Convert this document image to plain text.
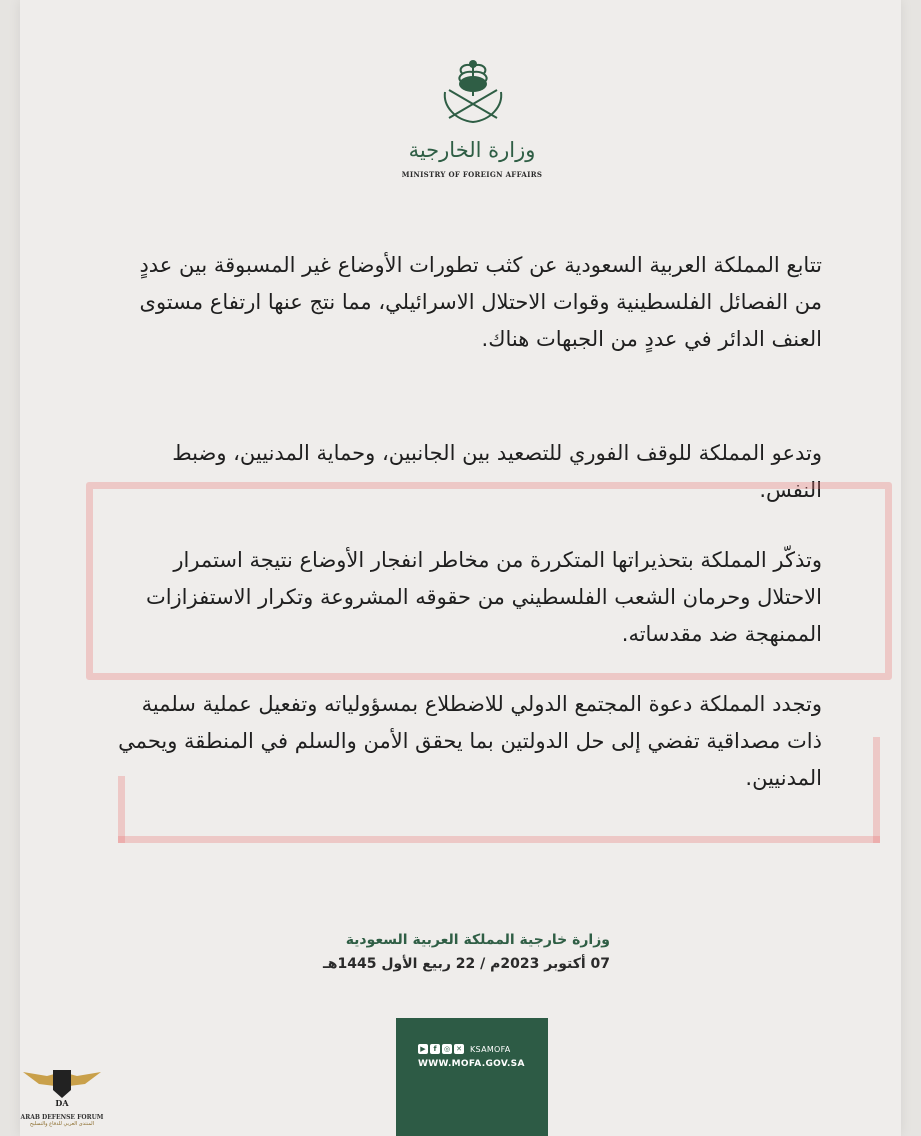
وزارة الخارجية
MINISTRY OF FOREIGN AFFAIRS

تتابع المملكة العربية السعودية عن كثب تطورات الأوضاع غير المسبوقة بين عددٍ من الفصائل الفلسطينية وقوات الاحتلال الاسرائيلي، مما نتج عنها ارتفاع مستوى العنف الدائر في عددٍ من الجبهات هناك.

وتدعو المملكة للوقف الفوري للتصعيد بين الجانبين، وحماية المدنيين، وضبط النفس.

وتذكّر المملكة بتحذيراتها المتكررة من مخاطر انفجار الأوضاع نتيجة استمرار الاحتلال وحرمان الشعب الفلسطيني من حقوقه المشروعة وتكرار الاستفزازات الممنهجة ضد مقدساته.

وتجدد المملكة دعوة المجتمع الدولي للاضطلاع بمسؤولياته وتفعيل عملية سلمية ذات مصداقية تفضي إلى حل الدولتين بما يحقق الأمن والسلم في المنطقة ويحمي المدنيين.

وزارة خارجية المملكة العربية السعودية
07 أكتوبر 2023م / 22 ربيع الأول 1445هـ
▶	f	◎ ✕ KSAMOFA
WWW.MOFA.GOV.SA
DA
ARAB DEFENSE FORUM
المنتدى العربي للدفاع والتسليح
